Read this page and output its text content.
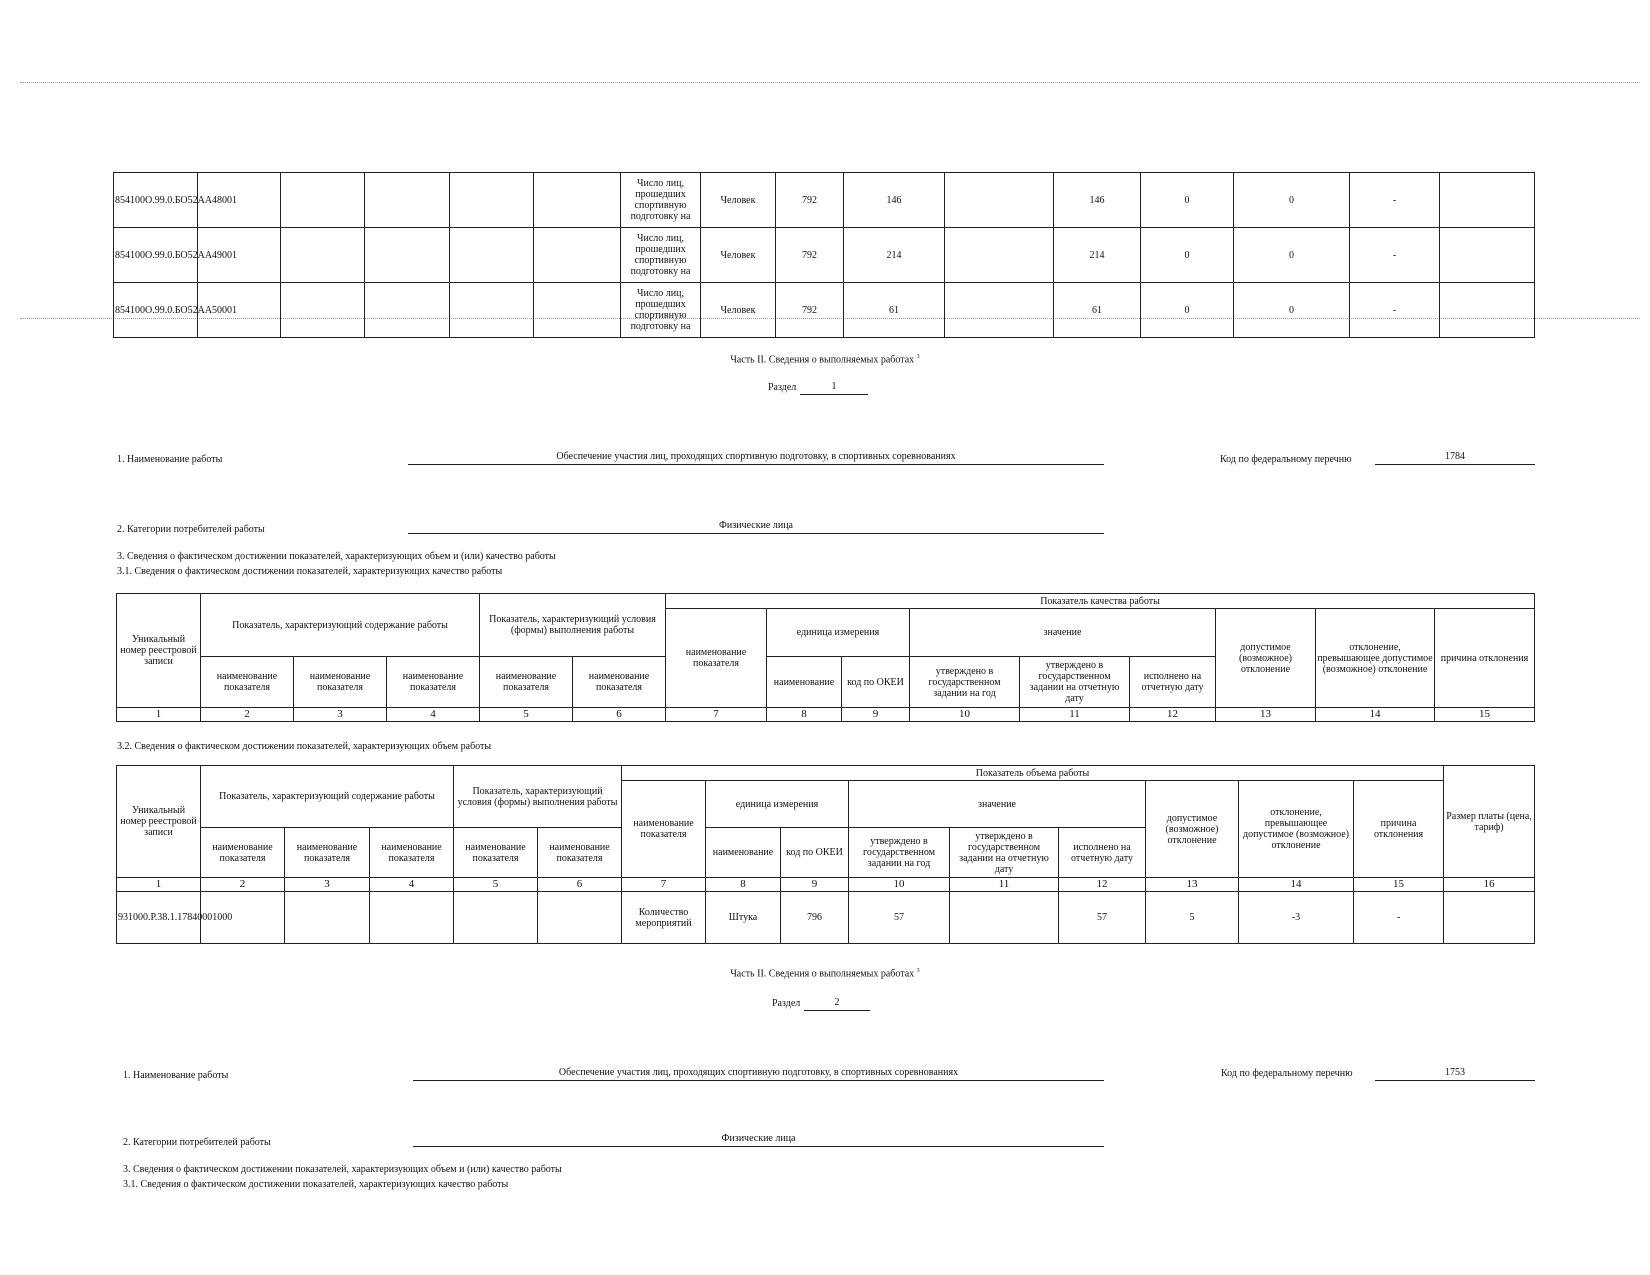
854100О.99.0.БО52АА48001						Число лиц, прошедших спортивную подготовку на	Человек	792	146		146	0	0	-	
854100О.99.0.БО52АА49001						Число лиц, прошедших спортивную подготовку на	Человек	792	214		214	0	0	-	
854100О.99.0.БО52АА50001						Число лиц, прошедших спортивную подготовку на	Человек	792	61		61	0	0	-	
Часть II. Сведения о выполняемых работах $^3$
Раздел	1
1. Наименование работы	Обеспечение участия лиц, проходящих спортивную подготовку, в спортивных соревнованиях	Код по федеральному перечню	1784
2. Категории потребителей работы	Физические лица
3. Сведения о фактическом достижении показателей, характеризующих объем и (или) качество работы
3.1. Сведения о фактическом достижении показателей, характеризующих качество работы
Уникальный номер реестровой записи	Показатель, характеризующий содержание работы			Показатель, характеризующий условия (формы) выполнения работы		Показатель качества работы								
						наименование показателя	единица измерения		значение			допустимое (возможное) отклонение	отклонение, превышающее допустимое (возможное) отклонение	причина отклонения
	наименование показателя	наименование показателя	наименование показателя	наименование показателя	наименование показателя		наименование	код по ОКЕИ	утверждено в государственном задании на год	утверждено в государственном задании на отчетную дату	исполнено на отчетную дату			
1	2	3	4	5	6	7	8	9	10	11	12	13	14	15
3.2. Сведения о фактическом достижении показателей, характеризующих объем работы
Уникальный номер реестровой записи	Показатель, характеризующий содержание работы			Показатель, характеризующий условия (формы) выполнения работы		Показатель объема работы									Размер платы (цена, тариф)
						наименование показателя	единица измерения		значение			допустимое (возможное) отклонение	отклонение, превышающее допустимое (возможное) отклонение	причина отклонения	
	наименование показателя	наименование показателя	наименование показателя	наименование показателя	наименование показателя		наименование	код по ОКЕИ	утверждено в государственном задании на год	утверждено в государственном задании на отчетную дату	исполнено на отчетную дату				
1	2	3	4	5	6	7	8	9	10	11	12	13	14	15	16
931000.Р.38.1.17840001000						Количество мероприятий	Штука	796	57		57	5	-3	-	
Часть II. Сведения о выполняемых работах $^3$
Раздел	2
1. Наименование работы	Обеспечение участия лиц, проходящих спортивную подготовку, в спортивных соревнованиях	Код по федеральному перечню	1753
2. Категории потребителей работы	Физические лица
3. Сведения о фактическом достижении показателей, характеризующих объем и (или) качество работы
3.1. Сведения о фактическом достижении показателей, характеризующих качество работы
